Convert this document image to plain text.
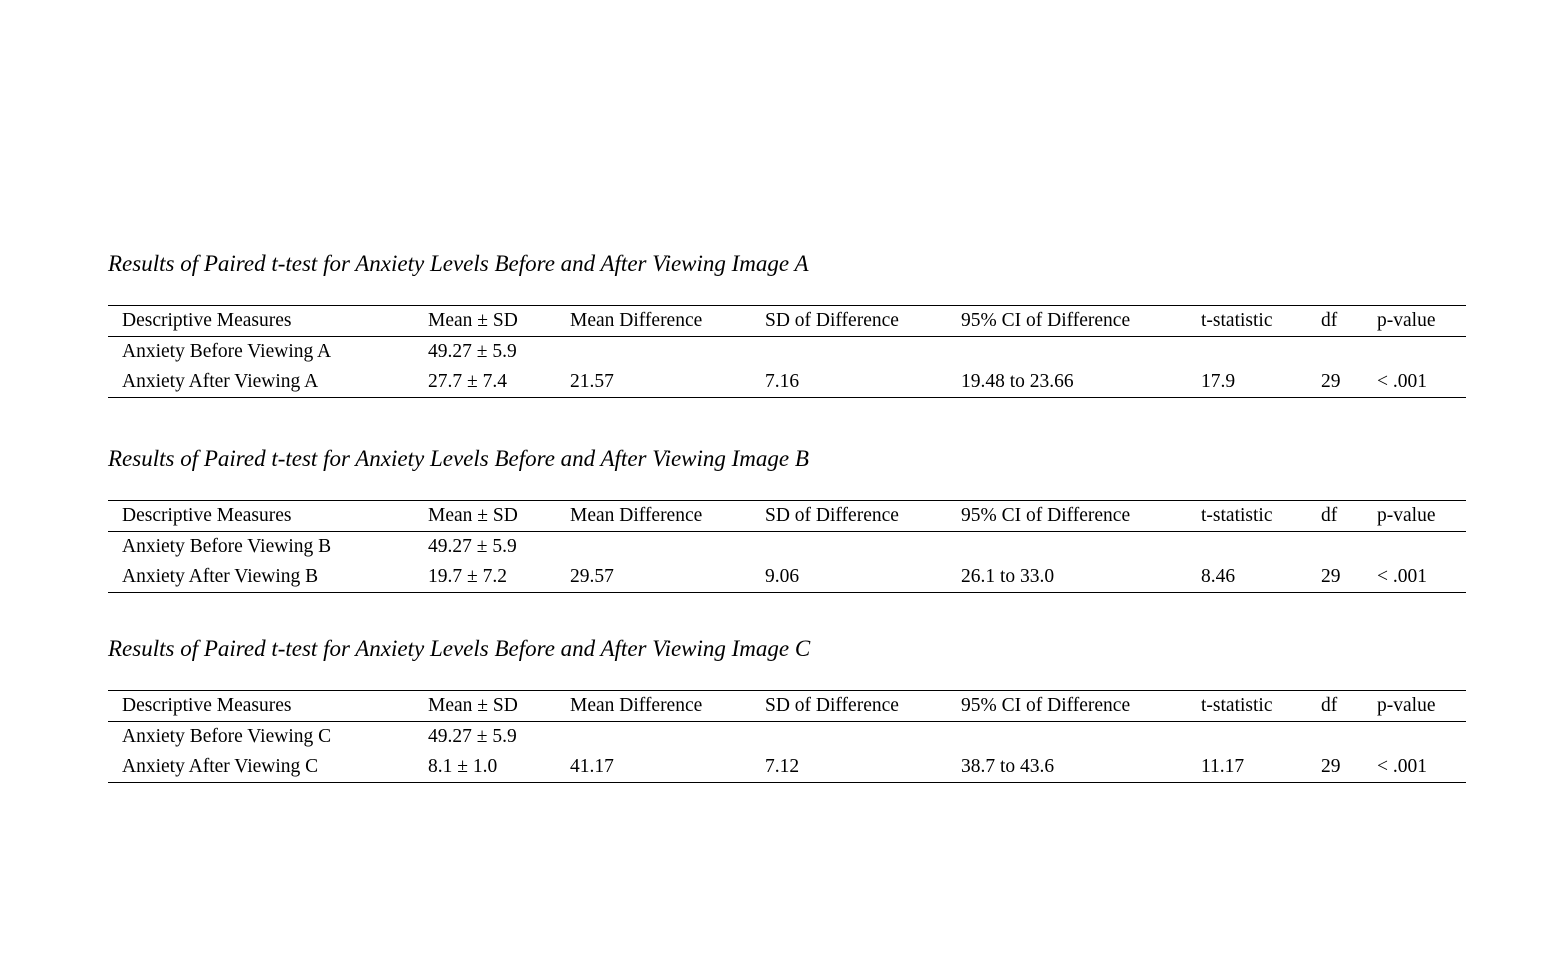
Results of Paired t-test for Anxiety Levels Before and After Viewing Image A

Descriptive Measures	Mean ± SD	Mean Difference	SD of Difference	95% CI of Difference	t-statistic	df	p-value
Anxiety Before Viewing A	49.27 ± 5.9						
Anxiety After Viewing A	27.7 ± 7.4	21.57	7.16	19.48 to 23.66	17.9	29	< .001

Results of Paired t-test for Anxiety Levels Before and After Viewing Image B

Descriptive Measures	Mean ± SD	Mean Difference	SD of Difference	95% CI of Difference	t-statistic	df	p-value
Anxiety Before Viewing B	49.27 ± 5.9						
Anxiety After Viewing B	19.7 ± 7.2	29.57	9.06	26.1 to 33.0	8.46	29	< .001

Results of Paired t-test for Anxiety Levels Before and After Viewing Image C

Descriptive Measures	Mean ± SD	Mean Difference	SD of Difference	95% CI of Difference	t-statistic	df	p-value
Anxiety Before Viewing C	49.27 ± 5.9						
Anxiety After Viewing C	8.1 ± 1.0	41.17	7.12	38.7 to 43.6	11.17	29	< .001
